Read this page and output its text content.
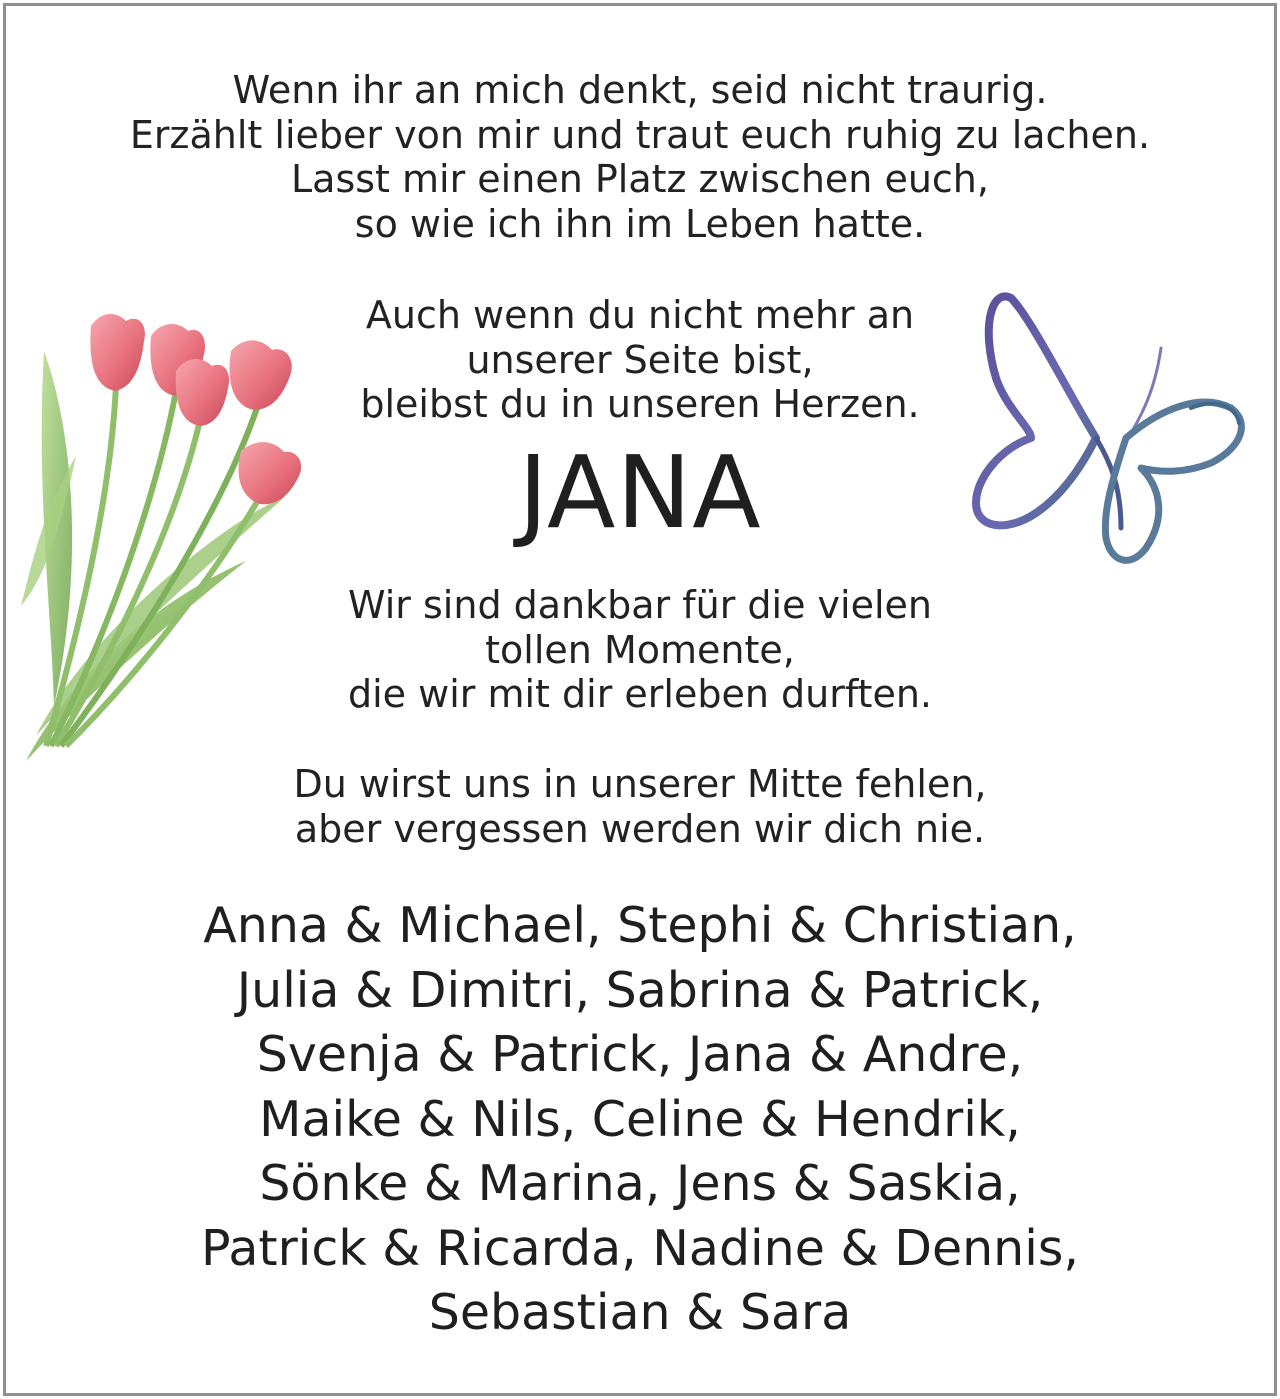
Wenn ihr an mich denkt, seid nicht traurig.
Erzählt lieber von mir und traut euch ruhig zu lachen.
Lasst mir einen Platz zwischen euch,
so wie ich ihn im Leben hatte.
Auch wenn du nicht mehr an
unserer Seite bist,
bleibst du in unseren Herzen.
JANA
Wir sind dankbar für die vielen
tollen Momente,
die wir mit dir erleben durften.
Du wirst uns in unserer Mitte fehlen,
aber vergessen werden wir dich nie.
Anna & Michael, Stephi & Christian,
Julia & Dimitri, Sabrina & Patrick,
Svenja & Patrick, Jana & Andre,
Maike & Nils, Celine & Hendrik,
Sönke & Marina, Jens & Saskia,
Patrick & Ricarda, Nadine & Dennis,
Sebastian & Sara
